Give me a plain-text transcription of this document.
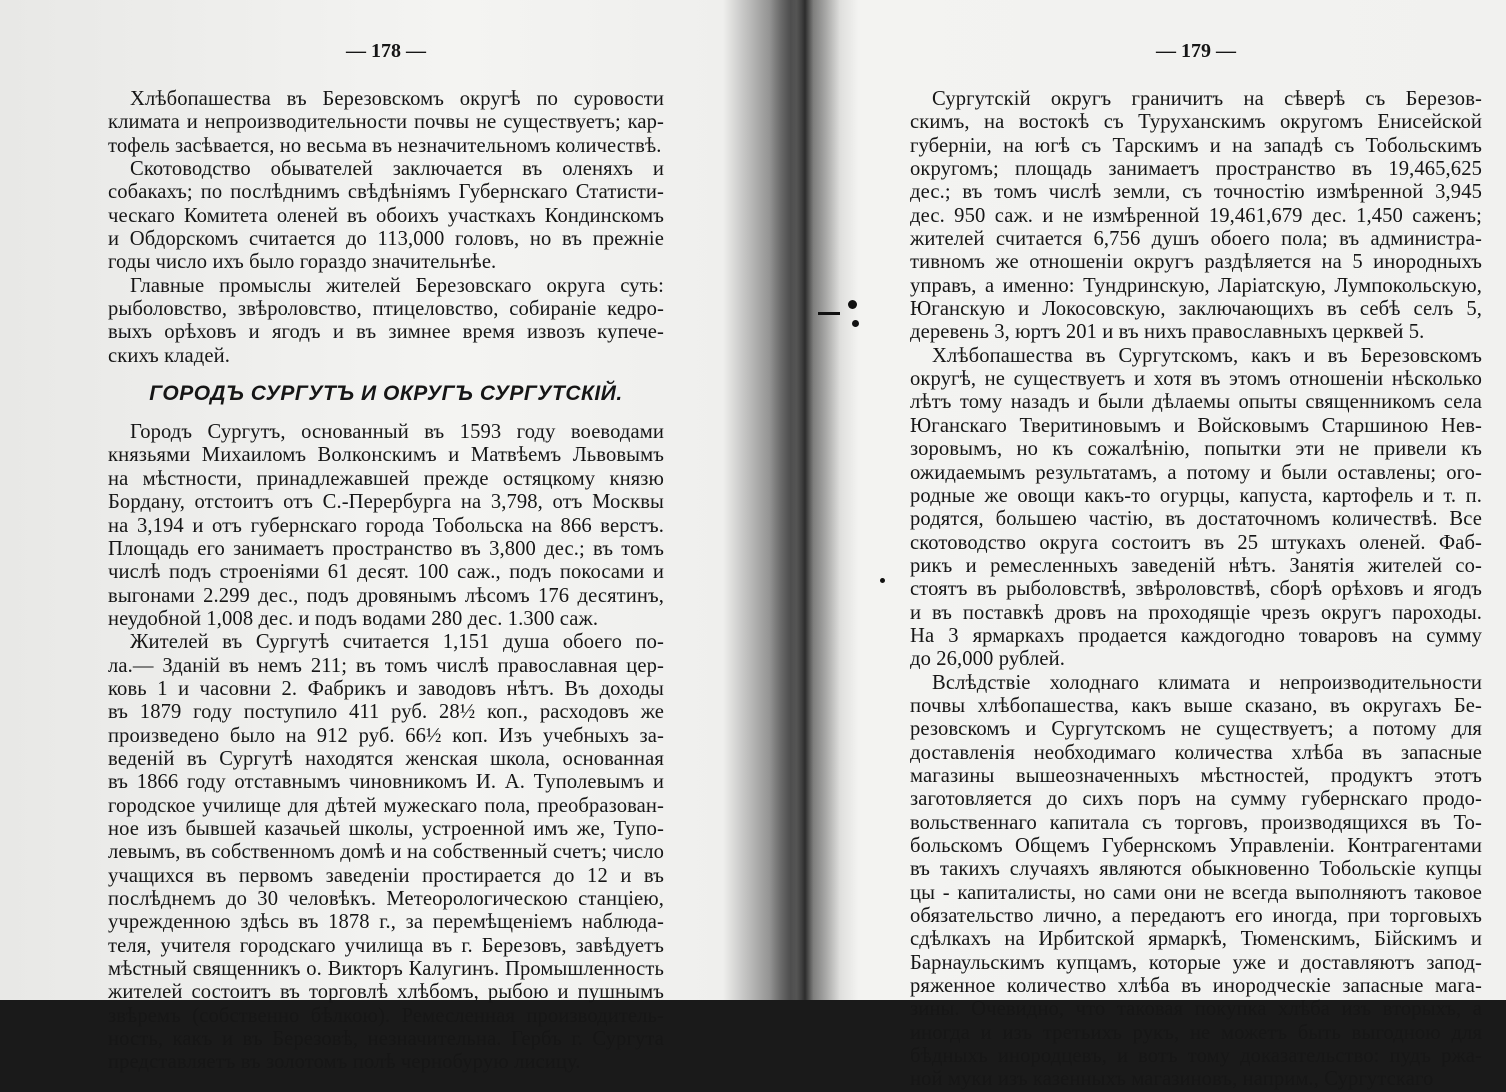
— 178 —
Хлѣбопашества въ Березовскомъ округѣ по суровости
климата и непроизводительности почвы не существуетъ; кар-
тофель засѣвается, но весьма въ незначительномъ количествѣ.
Скотоводство обывателей заключается въ оленяхъ и
собакахъ; по послѣднимъ свѣдѣніямъ Губернскаго Статисти-
ческаго Комитета оленей въ обоихъ участкахъ Кондинскомъ
и Обдорскомъ считается до 113,000 головъ, но въ прежніе
годы число ихъ было гораздо значительнѣе.
Главные промыслы жителей Березовскаго округа суть:
рыболовство, звѣроловство, птицеловство, собираніе кедро-
выхъ орѣховъ и ягодъ и въ зимнее время извозъ купече-
скихъ кладей.
ГОРОДЪ СУРГУТЪ И ОКРУГЪ СУРГУТСКІЙ.
Городъ Сургутъ, основанный въ 1593 году воеводами
князьями Михаиломъ Волконскимъ и Матвѣемъ Львовымъ
на мѣстности, принадлежавшей прежде остяцкому князю
Бордану, отстоитъ отъ С.-Перербурга на 3,798, отъ Москвы
на 3,194 и отъ губернскаго города Тобольска на 866 верстъ.
Площадь его занимаетъ пространство въ 3,800 дес.; въ томъ
числѣ подъ строеніями 61 десят. 100 саж., подъ покосами и
выгонами 2.299 дес., подъ дровянымъ лѣсомъ 176 десятинъ,
неудобной 1,008 дес. и подъ водами 280 дес. 1.300 саж.
Жителей въ Сургутѣ считается 1,151 душа обоего по-
ла.— Зданій въ немъ 211; въ томъ числѣ православная цер-
ковь 1 и часовни 2. Фабрикъ и заводовъ нѣтъ. Въ доходы
въ 1879 году поступило 411 руб. 28½ коп., расходовъ же
произведено было на 912 руб. 66½ коп. Изъ учебныхъ за-
веденій въ Сургутѣ находятся женская школа, основанная
въ 1866 году отставнымъ чиновникомъ И. А. Туполевымъ и
городское училище для дѣтей мужескаго пола, преобразован-
ное изъ бывшей казачьей школы, устроенной имъ же, Тупо-
левымъ, въ собственномъ домѣ и на собственный счетъ; число
учащихся въ первомъ заведеніи простирается до 12 и въ
послѣднемъ до 30 человѣкъ. Метеорологическою станціею,
учрежденною здѣсь въ 1878 г., за перемѣщеніемъ наблюда-
теля, учителя городскаго училища въ г. Березовъ, завѣдуетъ
мѣстный священникъ о. Викторъ Калугинъ. Промышленность
жителей состоитъ въ торговлѣ хлѣбомъ, рыбою и пушнымъ
звѣремъ (собственно бѣлкою). Ремесленная производитель-
ность, какъ и въ Березовѣ, незначительна. Гербъ г. Сургута
представляетъ въ золотомъ полѣ чернобурую лисицу.
— 179 —
Сургутскій округъ граничитъ на сѣверѣ съ Березов-
скимъ, на востокѣ съ Туруханскимъ округомъ Енисейской
губерніи, на югѣ съ Тарскимъ и на западѣ съ Тобольскимъ
округомъ; площадь занимаетъ пространство въ 19,465,625
дес.; въ томъ числѣ земли, съ точностію измѣренной 3,945
дес. 950 саж. и не измѣренной 19,461,679 дес. 1,450 саженъ;
жителей считается 6,756 душъ обоего пола; въ администра-
тивномъ же отношеніи округъ раздѣляется на 5 инородныхъ
управъ, а именно: Тундринскую, Ларіатскую, Лумпокольскую,
Юганскую и Локосовскую, заключающихъ въ себѣ селъ 5,
деревень 3, юртъ 201 и въ нихъ православныхъ церквей 5.
Хлѣбопашества въ Сургутскомъ, какъ и въ Березовскомъ
округѣ, не существуетъ и хотя въ этомъ отношеніи нѣсколько
лѣтъ тому назадъ и были дѣлаемы опыты священникомъ села
Юганскаго Тверитиновымъ и Войсковымъ Старшиною Нев-
зоровымъ, но къ сожалѣнію, попытки эти не привели къ
ожидаемымъ результатамъ, а потому и были оставлены; ого-
родные же овощи какъ-то огурцы, капуста, картофель и т. п.
родятся, большею частію, въ достаточномъ количествѣ. Все
скотоводство округа состоитъ въ 25 штукахъ оленей. Фаб-
рикъ и ремесленныхъ заведеній нѣтъ. Занятія жителей со-
стоятъ въ рыболовствѣ, звѣроловствѣ, сборѣ орѣховъ и ягодъ
и въ поставкѣ дровъ на проходящіе чрезъ округъ пароходы.
На 3 ярмаркахъ продается каждогодно товаровъ на сумму
до 26,000 рублей.
Вслѣдствіе холоднаго климата и непроизводительности
почвы хлѣбопашества, какъ выше сказано, въ округахъ Бе-
резовскомъ и Сургутскомъ не существуетъ; а потому для
доставленія необходимаго количества хлѣба въ запасные
магазины вышеозначенныхъ мѣстностей, продуктъ этотъ
заготовляется до сихъ поръ на сумму губернскаго продо-
вольственнаго капитала съ торговъ, производящихся въ То-
больскомъ Общемъ Губернскомъ Управленіи. Контрагентами
въ такихъ случаяхъ являются обыкновенно Тобольскіе купцы
цы - капиталисты, но сами они не всегда выполняютъ таковое
обязательство лично, а передаютъ его иногда, при торговыхъ
сдѣлкахъ на Ирбитской ярмаркѣ, Тюменскимъ, Бійскимъ и
Барнаульскимъ купцамъ, которые уже и доставляютъ запод-
ряженное количество хлѣба въ инородческіе запасные мага-
зины. Очевидно, что таковая покупка хлѣба изъ вторыхъ, а
иногда и изъ третьихъ рукъ, не можетъ быть выгодною для
бѣдныхъ инородцевъ, и вотъ тому доказательство: пудъ ржа-
ной муки изъ казенныхъ магазиновъ, наприм., Сургутскаго
